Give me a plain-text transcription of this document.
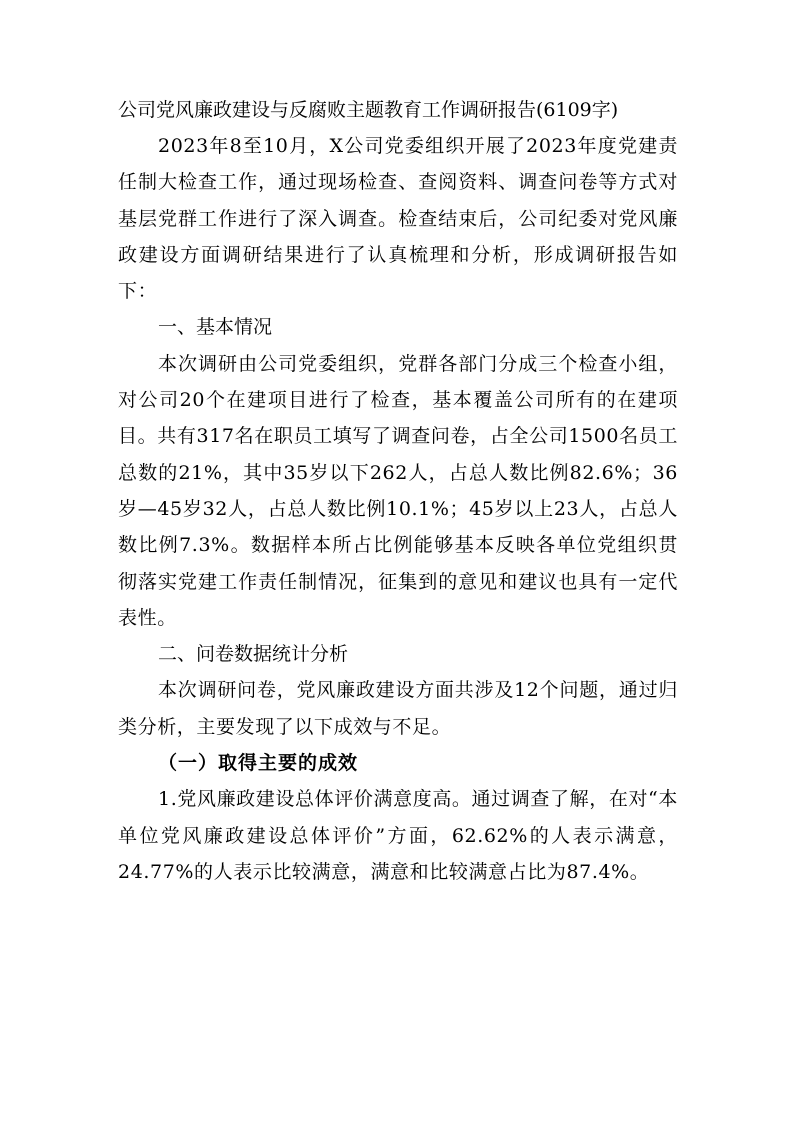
公司党风廉政建设与反腐败主题教育工作调研报告(6109字)

2023年8至10月，X公司党委组织开展了2023年度党建责任制大检查工作，通过现场检查、查阅资料、调查问卷等方式对基层党群工作进行了深入调查。检查结束后，公司纪委对党风廉政建设方面调研结果进行了认真梳理和分析，形成调研报告如下：

一、基本情况

本次调研由公司党委组织，党群各部门分成三个检查小组，对公司20个在建项目进行了检查，基本覆盖公司所有的在建项目。共有317名在职员工填写了调查问卷，占全公司1500名员工总数的21%，其中35岁以下262人，占总人数比例82.6%；36岁—45岁32人，占总人数比例10.1%；45岁以上23人，占总人数比例7.3%。数据样本所占比例能够基本反映各单位党组织贯彻落实党建工作责任制情况，征集到的意见和建议也具有一定代表性。

二、问卷数据统计分析

本次调研问卷，党风廉政建设方面共涉及12个问题，通过归类分析，主要发现了以下成效与不足。

（一）取得主要的成效

1.党风廉政建设总体评价满意度高。通过调查了解，在对“本单位党风廉政建设总体评价”方面，62.62%的人表示满意，24.77%的人表示比较满意，满意和比较满意占比为87.4%。
